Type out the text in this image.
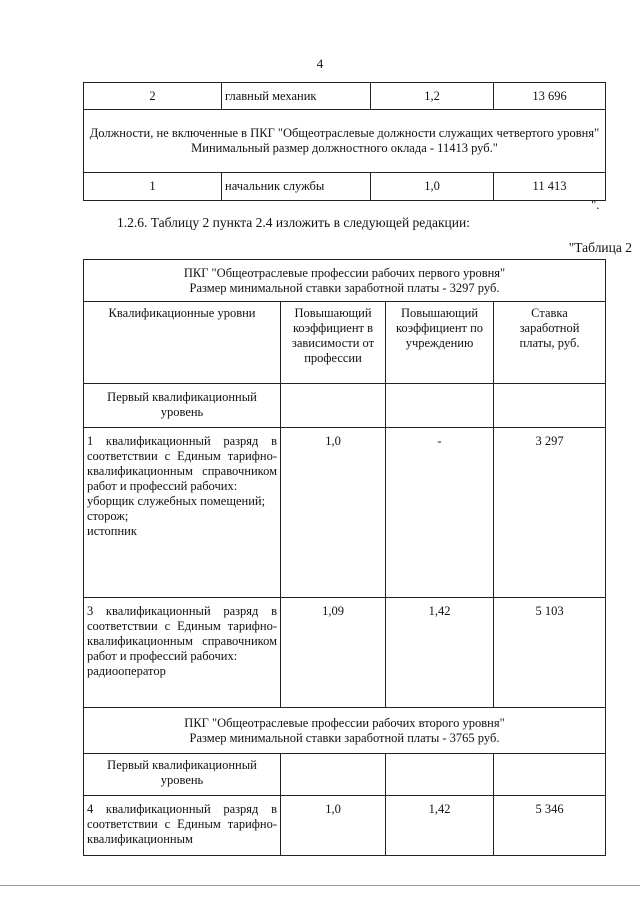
4
2	главный механик	1,2	13 696

Должности, не включенные в ПКГ "Общеотраслевые должности служащих четвертого уровня"
Минимальный размер должностного оклада - 11413 руб."			

1	начальник службы	1,0	11 413
".
1.2.6. Таблицу 2 пункта 2.4 изложить в следующей редакции:
"Таблица 2
ПКГ "Общеотраслевые профессии рабочих первого уровня"
Размер минимальной ставки заработной платы - 3297 руб.			

Квалификационные уровни	Повышающий коэффициент в зависимости от профессии	Повышающий коэффициент по учреждению	Ставка заработной платы, руб.
Первый квалификационный уровень			

1 квалификационный разряд в соответствии с Единым тарифно-квалификационным справочником работ и профессий рабочих:
уборщик служебных помещений;
сторож;
истопник	1,0	-	3 297

3 квалификационный разряд в соответствии с Единым тарифно-квалификационным справочником работ и профессий рабочих:
радиооператор	1,09	1,42	5 103

ПКГ "Общеотраслевые профессии рабочих второго уровня"
Размер минимальной ставки заработной платы - 3765 руб.			

Первый квалификационный уровень			

4 квалификационный разряд в соответствии с Единым тарифно-квалификационным	1,0	1,42	5 346
